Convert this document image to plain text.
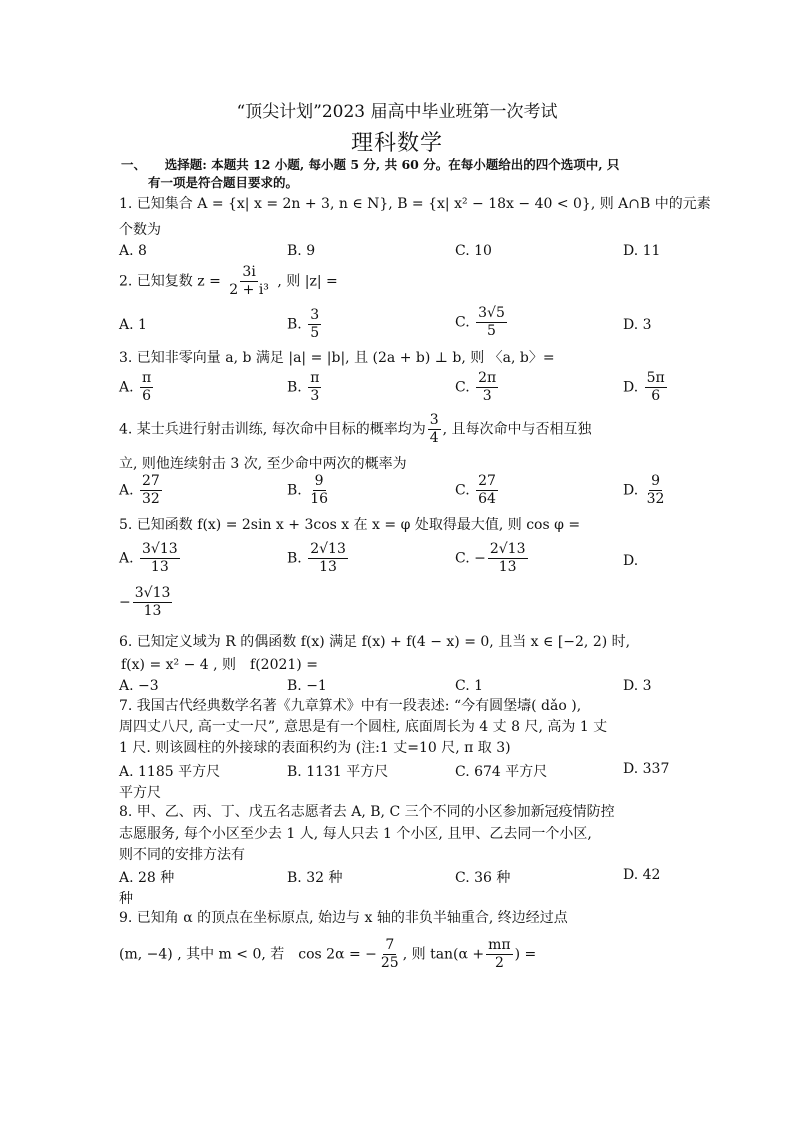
“顶尖计划”2023 届高中毕业班第一次考试
理科数学
一、　　选择题: 本题共 12 小题, 每小题 5 分, 共 60 分。在每小题给出的四个选项中, 只
有一项是符合题目要求的。
1. 已知集合 A = {x| x = 2n + 3, n ∈ N}, B = {x| x² − 18x − 40 < 0}, 则 A∩B 中的元素
个数为
A. 8	B. 9	C. 10	D. 11
2. 已知复数 $z = \frac{3i}{\text{2 + i³}}$ , 则 |z| =
A. 1	B. $\frac{3}{5}$	C. $\frac{3√5}{5}$	D. 3
3. 已知非零向量 a, b 满足 |a| = |b|, 且 (2a + b) ⊥ b, 则 〈a, b〉=
A. $\frac{\pi}{6}$	B. $\frac{\pi}{3}$	C. $\frac{2\pi}{3}$	D. $\frac{5\pi}{6}$
4. 某士兵进行射击训练, 每次命中目标的概率均为 $\frac{3}{4}$ , 且每次命中与否相互独
立, 则他连续射击 3 次, 至少命中两次的概率为
A. $\frac{27}{32}$	B. $\frac{9}{16}$	C. $\frac{27}{64}$	D. $\frac{9}{32}$
5. 已知函数 f(x) = 2sin x + 3cos x 在 x = φ 处取得最大值, 则 cos φ =
A. $\frac{3√13}{13}$	B. $\frac{2√13}{13}$	C. − $\frac{2√13}{13}$	D.
− $\frac{3√13}{13}$
6. 已知定义域为 R 的偶函数 f(x) 满足 f(x) + f(4 − x) = 0, 且当 x ∈ [−2, 2) 时,
f(x) = x² − 4 , 则　f(2021) =
A. −3	B. −1	C. 1	D. 3
7. 我国古代经典数学名著《九章算术》中有一段表述: “今有圆堡壔( dǎo ),
周四丈八尺, 高一丈一尺”, 意思是有一个圆柱, 底面周长为 4 丈 8 尺, 高为 1 丈
1 尺. 则该圆柱的外接球的表面积约为 (注:1 丈=10 尺, π 取 3)
A. 1185 平方尺	B. 1131 平方尺	C. 674 平方尺	D. 337
平方尺
8. 甲、乙、丙、丁、戊五名志愿者去 A, B, C 三个不同的小区参加新冠疫情防控
志愿服务, 每个小区至少去 1 人, 每人只去 1 个小区, 且甲、乙去同一个小区,
则不同的安排方法有
A. 28 种	B. 32 种	C. 36 种	D. 42
种
9. 已知角 α 的顶点在坐标原点, 始边与 x 轴的非负半轴重合, 终边经过点
(m, −4) , 其中 m < 0, 若　cos 2α = − $\frac{7}{25}$ , 则 $\tan(\alpha + \frac{m\pi}{2}$ ) =
